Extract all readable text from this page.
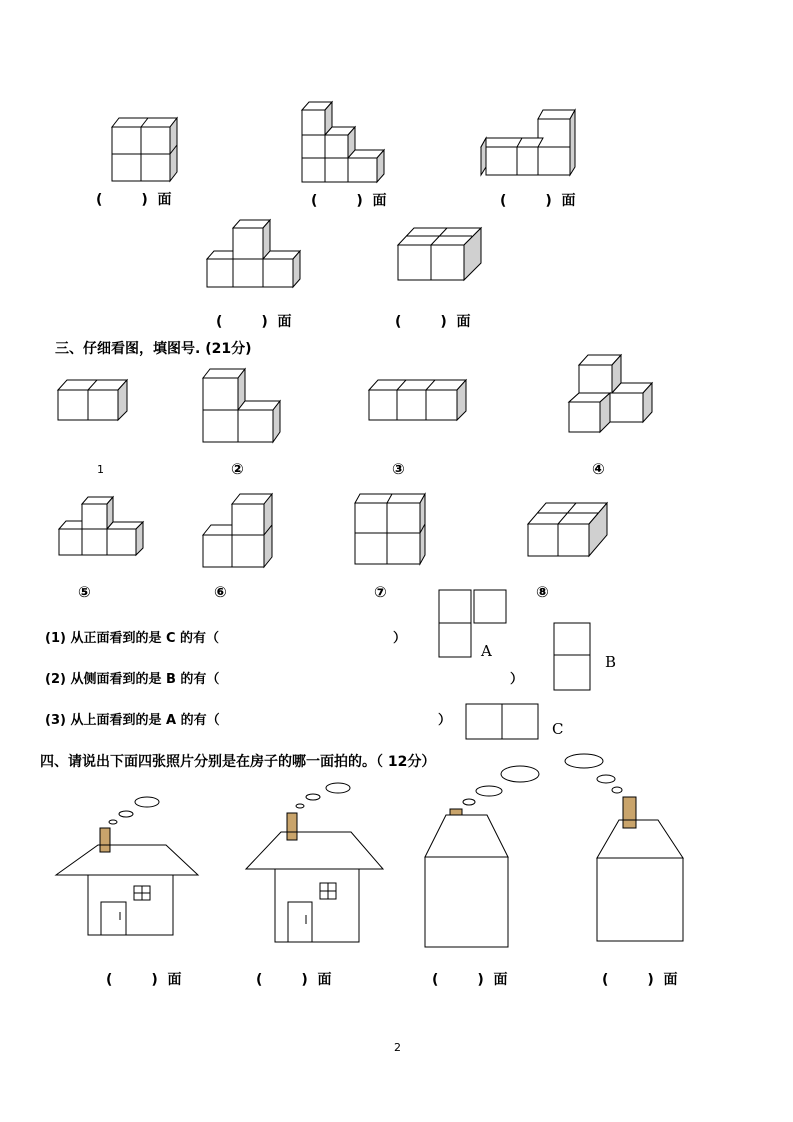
(        )  面	(        )  面	(        )  面
(        )  面	(        )  面
三、仔细看图，填图号. (21分)
1	②	③	④
⑤	⑥	⑦	⑧
(1) 从正面看到的是 C 的有（	）
(2) 从侧面看到的是 B 的有（	）
(3) 从上面看到的是 A 的有（	）
A
B
C
四、请说出下面四张照片分别是在房子的哪一面拍的。（ 12分）
(        )  面	(        )  面	(        )  面	(        )  面
2
